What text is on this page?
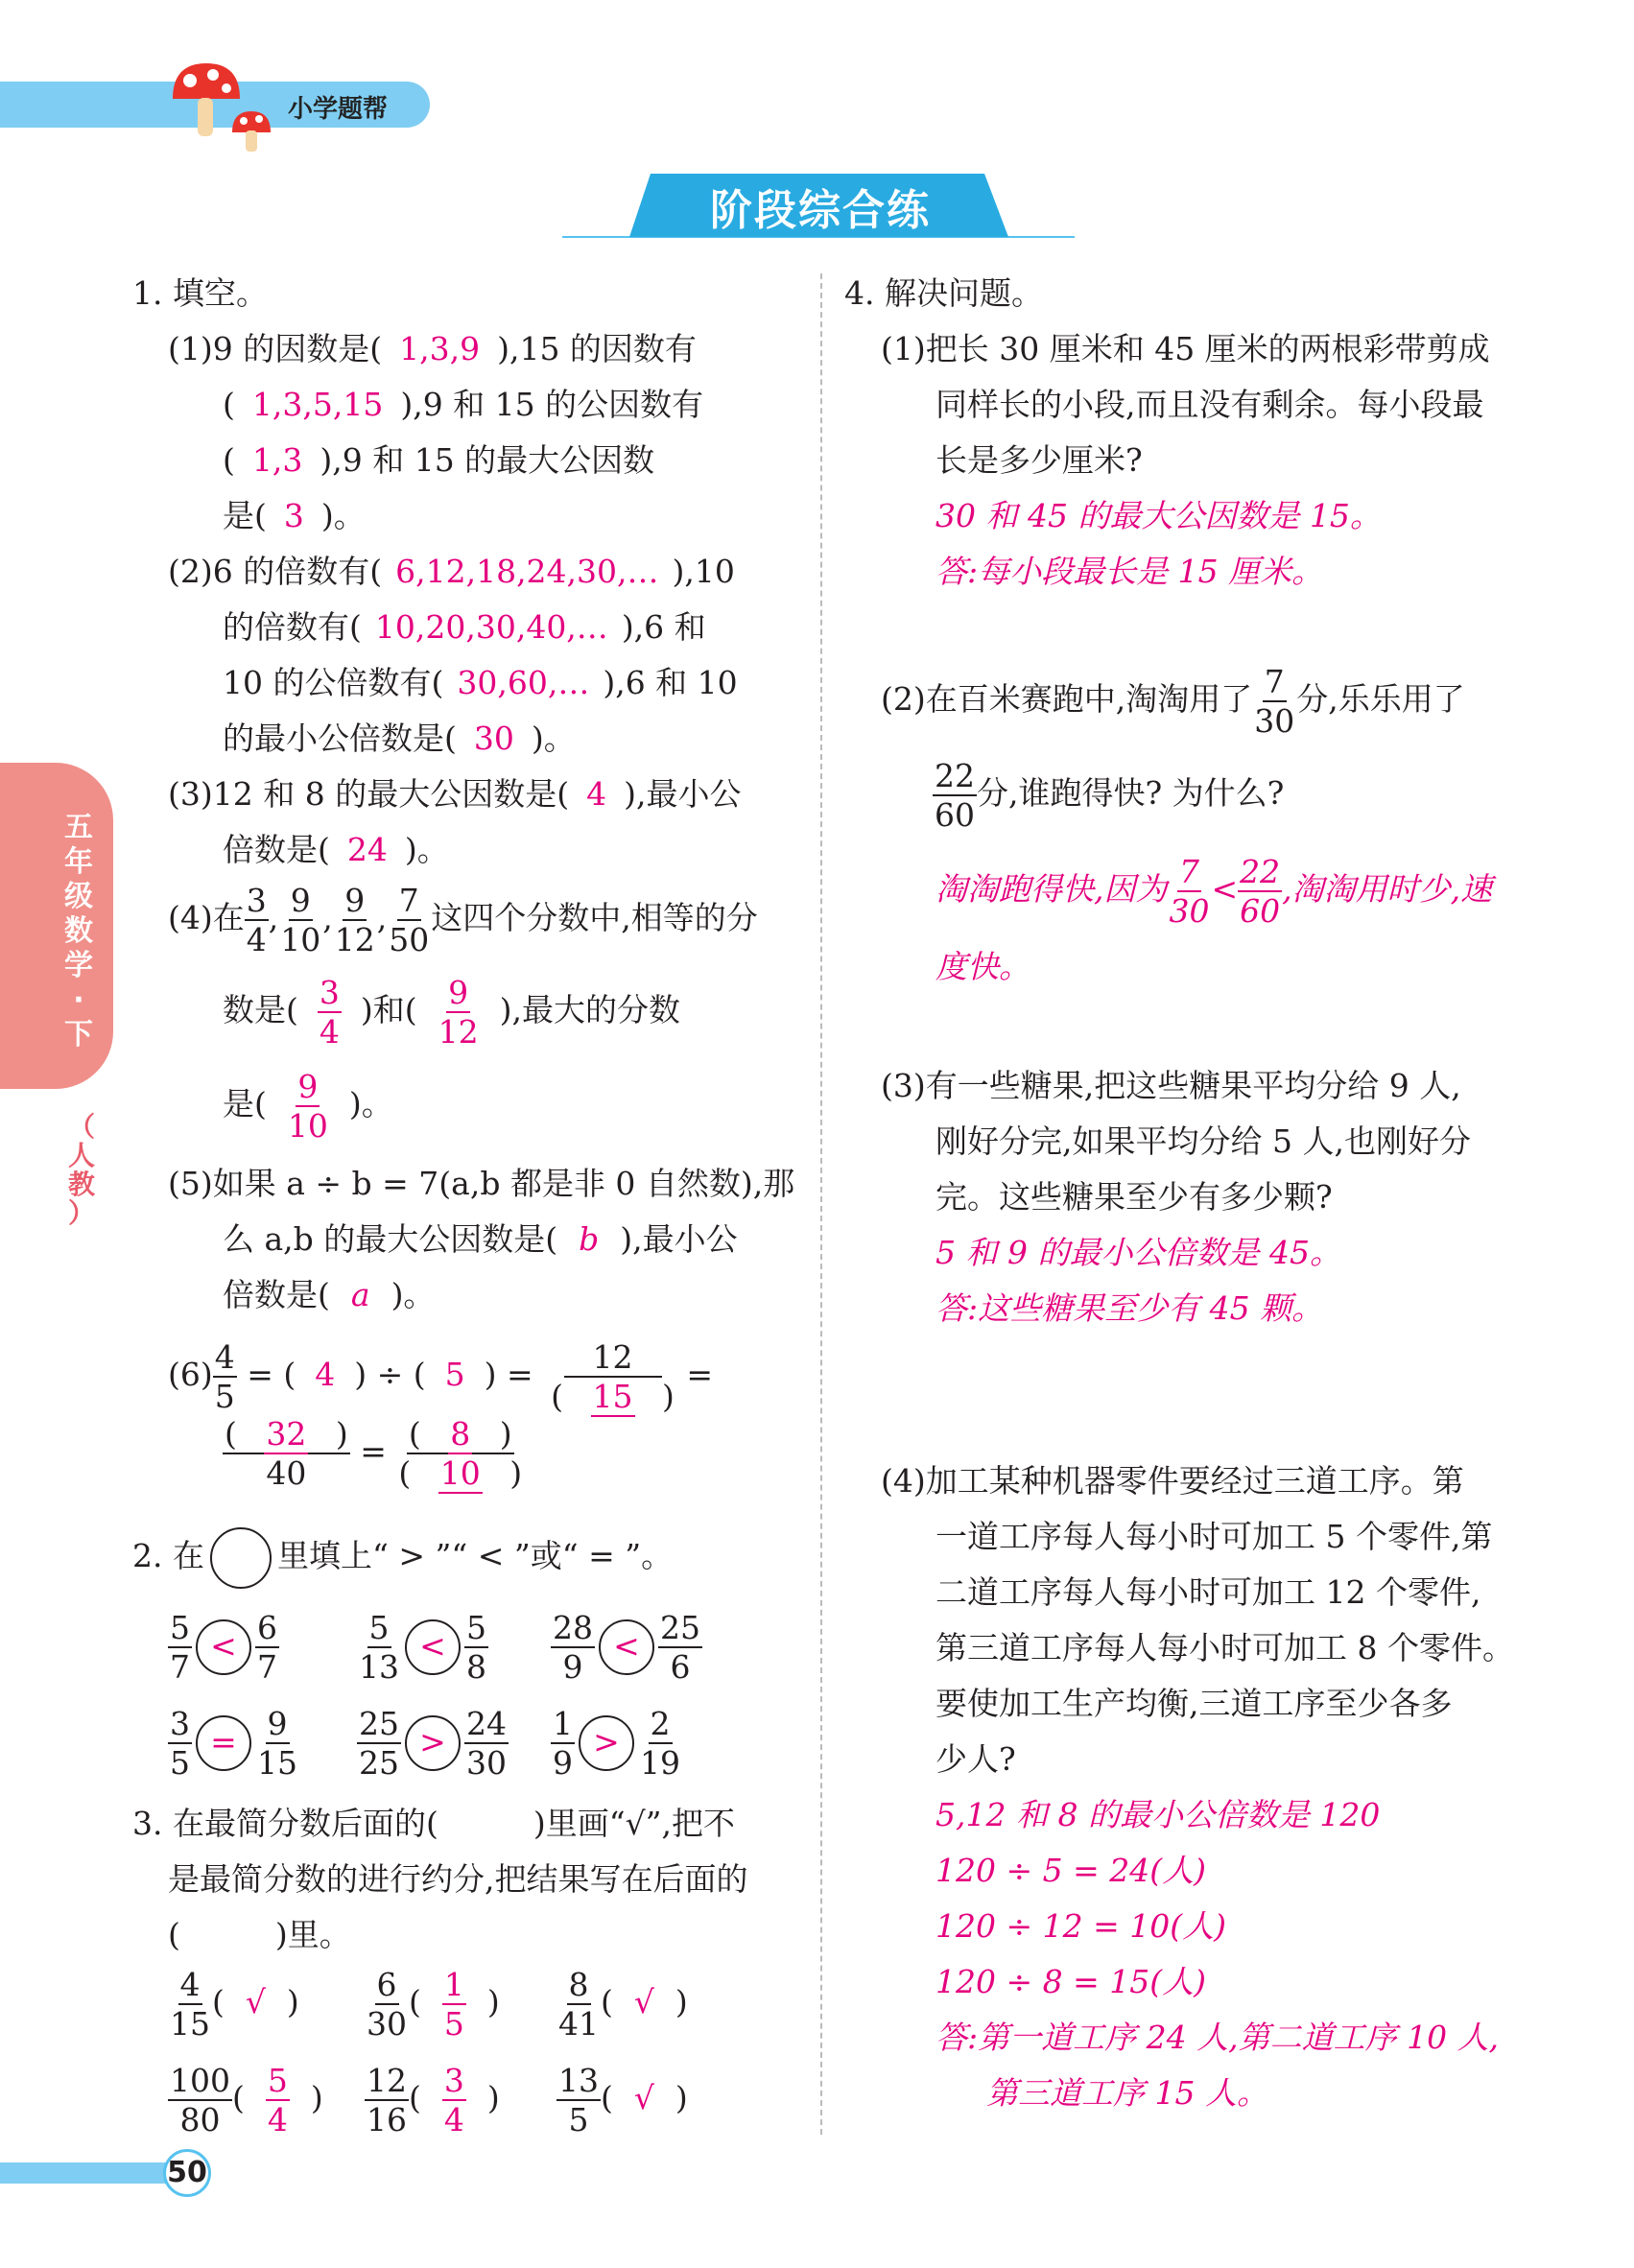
小学题帮
阶段综合练
五
年
级
数
学
·
下
（
人
教
）
1. 填空。
(1)9 的因数是( 1,3,9 ),15 的因数有
( 1,3,5,15 ),9 和 15 的公因数有
( 1,3 ),9 和 15 的最大公因数
是( 3 )。
(2)6 的倍数有( 6,12,18,24,30,… ),10
的倍数有( 10,20,30,40,… ),6 和
10 的公倍数有( 30,60,… ),6 和 10
的最小公倍数是( 30 )。
(3)12 和 8 的最大公因数是( 4 ),最小公
倍数是( 24 )。
(4)在 $\frac{3}{4}$ , $\frac{9}{10}$ , $\frac{9}{12}$ , $\frac{7}{50}$ 这四个分数中,相等的分
数是( $\frac{3}{4}$ )和( $\frac{9}{12}$ ),最大的分数
是( $\frac{9}{10}$ )。
(5)如果 a ÷ b = 7(a,b 都是非 0 自然数),那
么 a,b 的最大公因数是( b ),最小公
倍数是( a )。
$(6) \frac{4}{5}$ = ( 4 ) ÷ ( 5 ) = $\frac{12}{( 15 )}$ =
$\frac{( 32 )}{40} = \frac{( 8 )}{( 10 )}$
2. 在 里填上“ > ”“ < ”或“ = ”。
$\frac{5}{7} < \frac{6}{7} \frac{5}{13} < \frac{5}{8} \frac{28}{9} < \frac{25}{6}$
$\frac{3}{5} = \frac{9}{15} \frac{25}{25} > \frac{24}{30} \frac{1}{9} > \frac{2}{19}$
3. 在最简分数后面的(　　　)里画“√”,把不
是最简分数的进行约分,把结果写在后面的
(　　　)里。
$\frac{4}{15}$ ( √ ) $\frac{6}{30}$ ( $\frac{1}{5}$ ) $\frac{8}{41}$ ( √ )
$\frac{100}{80}$ ( $\frac{5}{4}$ ) $\frac{12}{16}$ ( $\frac{3}{4}$ ) $\frac{13}{5}$ ( √ )
4. 解决问题。
(1)把长 30 厘米和 45 厘米的两根彩带剪成
同样长的小段,而且没有剩余。每小段最
长是多少厘米?
30 和 45 的最大公因数是 15。
答:每小段最长是 15 厘米。
(2)在百米赛跑中,淘淘用了 $\frac{7}{30}$ 分,乐乐用了
$\frac{22}{60}$ 分,谁跑得快? 为什么?
淘淘跑得快,因为 $\frac{7}{30} < \frac{22}{60}$ ,淘淘用时少,速
度快。
(3)有一些糖果,把这些糖果平均分给 9 人,
刚好分完,如果平均分给 5 人,也刚好分
完。这些糖果至少有多少颗?
5 和 9 的最小公倍数是 45。
答:这些糖果至少有 45 颗。
(4)加工某种机器零件要经过三道工序。第
一道工序每人每小时可加工 5 个零件,第
二道工序每人每小时可加工 12 个零件,
第三道工序每人每小时可加工 8 个零件。
要使加工生产均衡,三道工序至少各多
少人?
5,12 和 8 的最小公倍数是 120
120 ÷ 5 = 24(人)
120 ÷ 12 = 10(人)
120 ÷ 8 = 15(人)
答:第一道工序 24 人,第二道工序 10 人,
第三道工序 15 人。
50
